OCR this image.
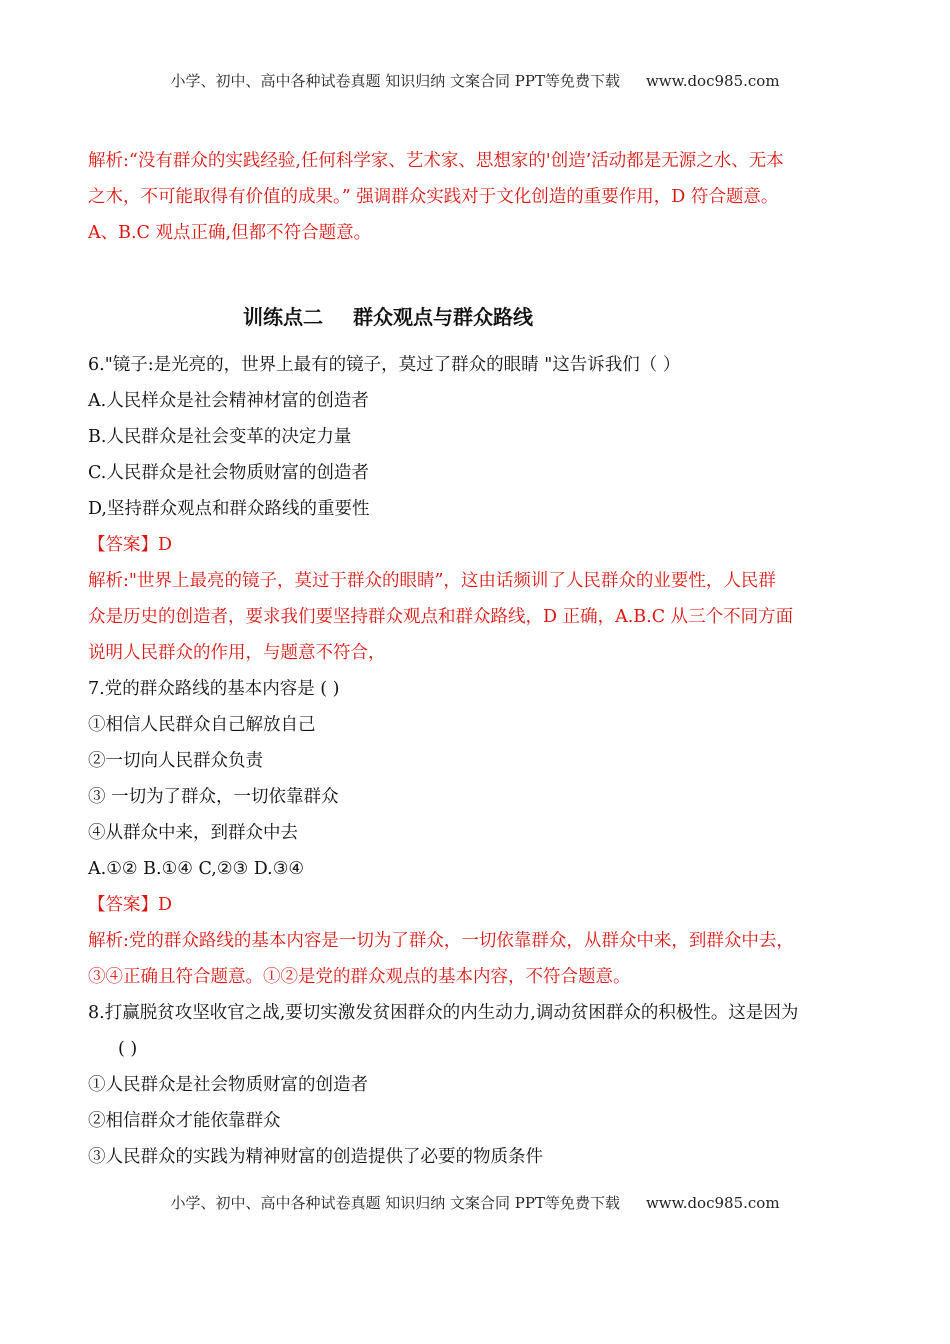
小学、初中、高中各种试卷真题 知识归纳 文案合同 PPT等免费下载 www.doc985.com
解析:“没有群众的实践经验,任何科学家、艺术家、思想家的'创造’活动都是无源之水、无本
之木，不可能取得有价值的成果。” 强调群众实践对于文化创造的重要作用，D 符合题意。
A、B.C 观点正确,但都不符合题意。
训练点二 群众观点与群众路线
6."镜子:是光亮的，世界上最有的镜子，莫过了群众的眼睛 "这告诉我们（ ）
A.人民样众是社会精神材富的创造者
B.人民群众是社会变革的决定力量
C.人民群众是社会物质财富的创造者
D,坚持群众观点和群众路线的重要性
【答案】D
解析:"世界上最亮的镜子，莫过于群众的眼睛”，这由话频训了人民群众的业要性，人民群
众是历史的创造者，要求我们要坚持群众观点和群众路线，D 正确，A.B.C 从三个不同方面
说明人民群众的作用，与题意不符合，
7.党的群众路线的基本内容是 ( )
①相信人民群众自己解放自己
②一切向人民群众负责
③ 一切为了群众，一切依靠群众
④从群众中来，到群众中去
A.①② B.①④ C,②③ D.③④
【答案】D
解析:党的群众路线的基本内容是一切为了群众，一切依靠群众，从群众中来，到群众中去，
③④正确且符合题意。①②是党的群众观点的基本内容，不符合题意。
8.打赢脱贫攻坚收官之战,要切实激发贫困群众的内生动力,调动贫困群众的积极性。这是因为
( )
①人民群众是社会物质财富的创造者
②相信群众才能依靠群众
③人民群众的实践为精神财富的创造提供了必要的物质条件
小学、初中、高中各种试卷真题 知识归纳 文案合同 PPT等免费下载 www.doc985.com
